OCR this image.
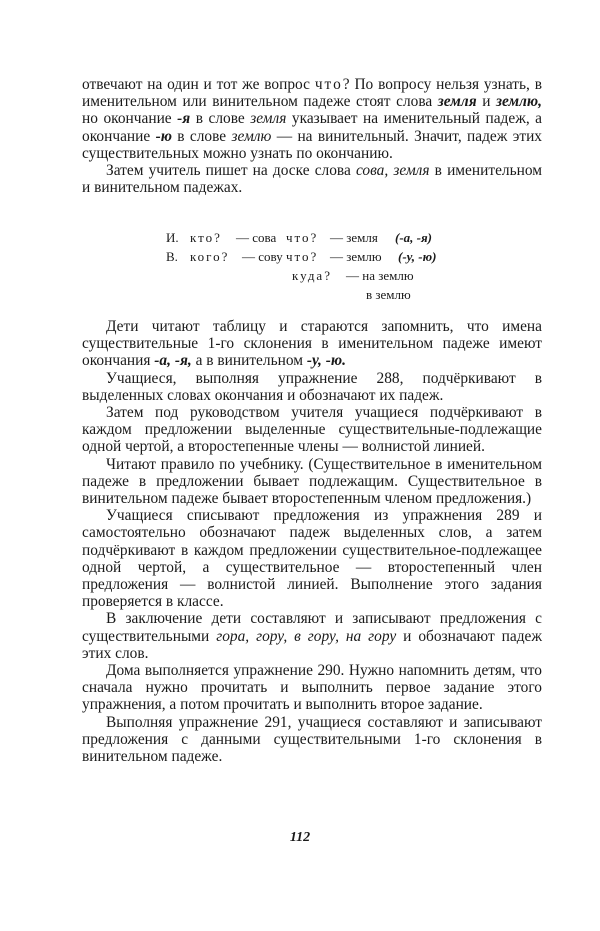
отвечают на один и тот же вопрос что? По вопросу нельзя узнать, в именительном или винительном падеже стоят слова земля и землю, но окончание -я в слове земля указывает на именительный падеж, а окончание -ю в слове землю — на винительный. Значит, падеж этих существительных можно узнать по окончанию.

Затем учитель пишет на доске слова сова, земля в именительном и винительном падежах.

И. кто? — сова что? — земля (-а, -я)
В. кого? — сову что? — землю (-у, -ю)
куда? — на землю
в землю

Дети читают таблицу и стараются запомнить, что имена существительные 1-го склонения в именительном падеже имеют окончания -а, -я, а в винительном -у, -ю.

Учащиеся, выполняя упражнение 288, подчёркивают в выделенных словах окончания и обозначают их падеж.

Затем под руководством учителя учащиеся подчёркивают в каждом предложении выделенные существительные-подлежащие одной чертой, а второстепенные члены — волнистой линией.

Читают правило по учебнику. (Существительное в именительном падеже в предложении бывает подлежащим. Существительное в винительном падеже бывает второстепенным членом предложения.)

Учащиеся списывают предложения из упражнения 289 и самостоятельно обозначают падеж выделенных слов, а затем подчёркивают в каждом предложении существительное-подлежащее одной чертой, а существительное — второстепенный член предложения — волнистой линией. Выполнение этого задания проверяется в классе.

В заключение дети составляют и записывают предложения с существительными гора, гору, в гору, на гору и обозначают падеж этих слов.

Дома выполняется упражнение 290. Нужно напомнить детям, что сначала нужно прочитать и выполнить первое задание этого упражнения, а потом прочитать и выполнить второе задание.

Выполняя упражнение 291, учащиеся составляют и записывают предложения с данными существительными 1-го склонения в винительном падеже.

112
